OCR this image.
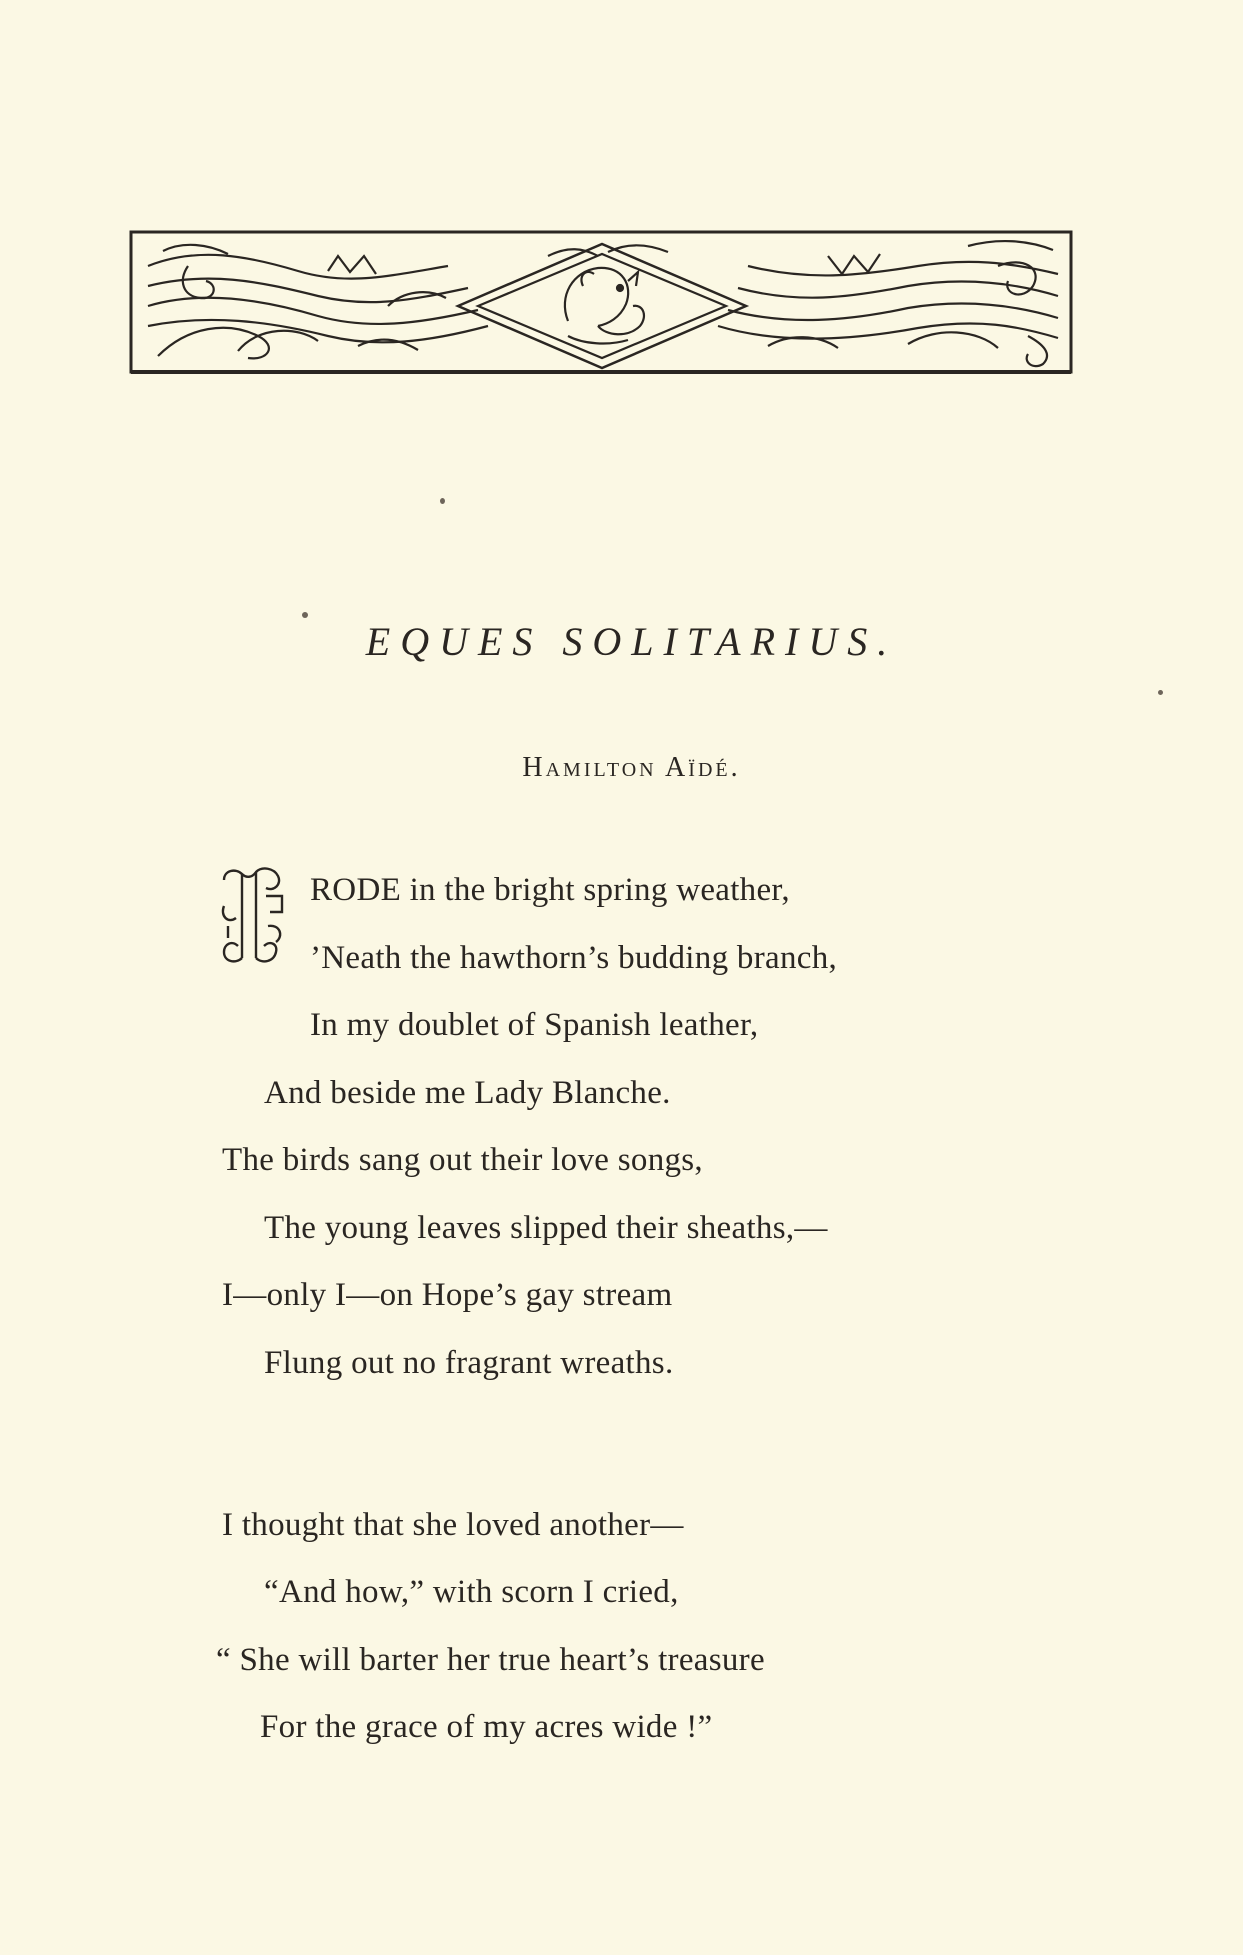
EQUES SOLITARIUS.
Hamilton Aïdé.
RODE in the bright spring weather,
’Neath the hawthorn’s budding branch,
In my doublet of Spanish leather,
And beside me Lady Blanche.
The birds sang out their love songs,
The young leaves slipped their sheaths,—
I—only I—on Hope’s gay stream
Flung out no fragrant wreaths.
I thought that she loved another—
“And how,” with scorn I cried,
“ She will barter her true heart’s treasure
For the grace of my acres wide !”
